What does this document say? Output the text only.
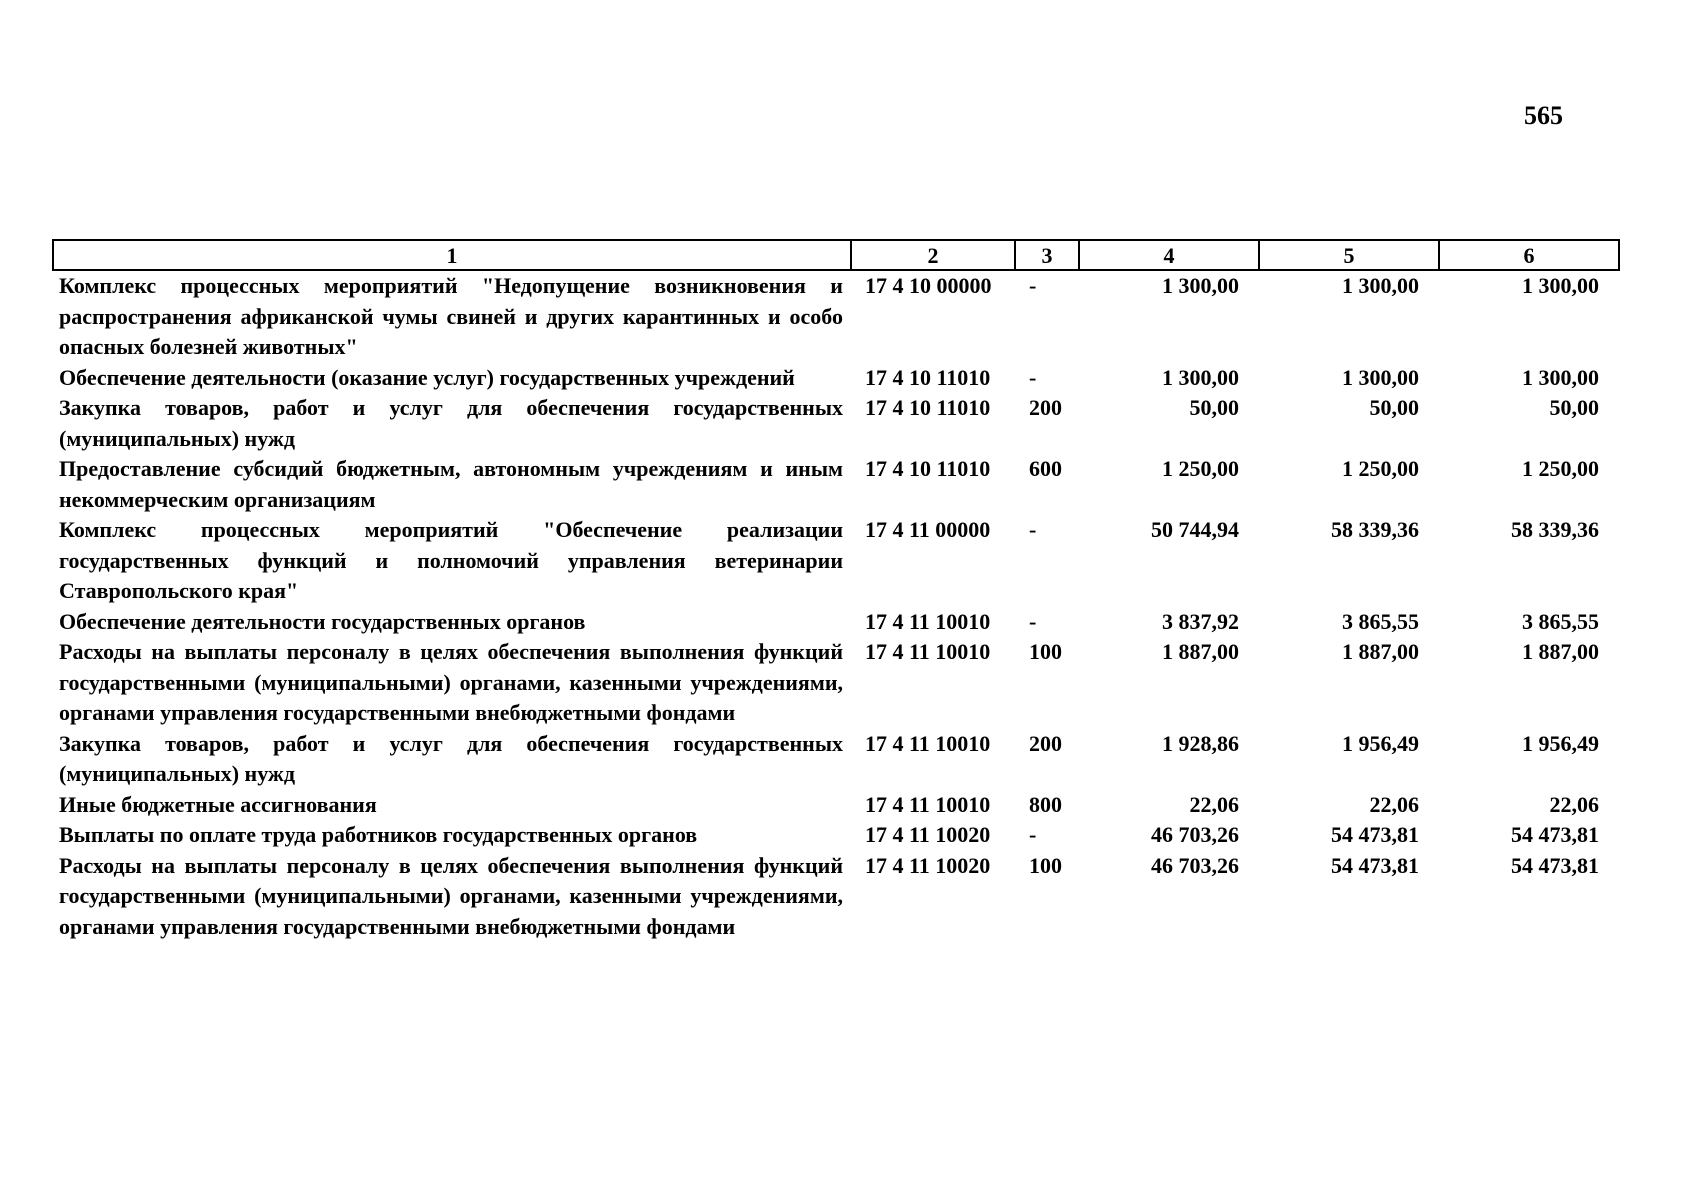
565
1	2	3	4	5	6
Комплекс процессных мероприятий "Недопущение возникновения и распространения африканской чумы свиней и других карантинных и особо опасных болезней животных"	17 4 10 00000	-	1 300,00	1 300,00	1 300,00
Обеспечение деятельности (оказание услуг) государственных учреждений	17 4 10 11010	-	1 300,00	1 300,00	1 300,00
Закупка товаров, работ и услуг для обеспечения государственных (муниципальных) нужд	17 4 10 11010	200	50,00	50,00	50,00
Предоставление субсидий бюджетным, автономным учреждениям и иным некоммерческим организациям	17 4 10 11010	600	1 250,00	1 250,00	1 250,00
Комплекс процессных мероприятий "Обеспечение реализации государственных функций и полномочий управления ветеринарии Ставропольского края"	17 4 11 00000	-	50 744,94	58 339,36	58 339,36
Обеспечение деятельности государственных органов	17 4 11 10010	-	3 837,92	3 865,55	3 865,55
Расходы на выплаты персоналу в целях обеспечения выполнения функций государственными (муниципальными) органами, казенными учреждениями, органами управления государственными внебюджетными фондами	17 4 11 10010	100	1 887,00	1 887,00	1 887,00
Закупка товаров, работ и услуг для обеспечения государственных (муниципальных) нужд	17 4 11 10010	200	1 928,86	1 956,49	1 956,49
Иные бюджетные ассигнования	17 4 11 10010	800	22,06	22,06	22,06
Выплаты по оплате труда работников государственных органов	17 4 11 10020	-	46 703,26	54 473,81	54 473,81
Расходы на выплаты персоналу в целях обеспечения выполнения функций государственными (муниципальными) органами, казенными учреждениями, органами управления государственными внебюджетными фондами	17 4 11 10020	100	46 703,26	54 473,81	54 473,81
